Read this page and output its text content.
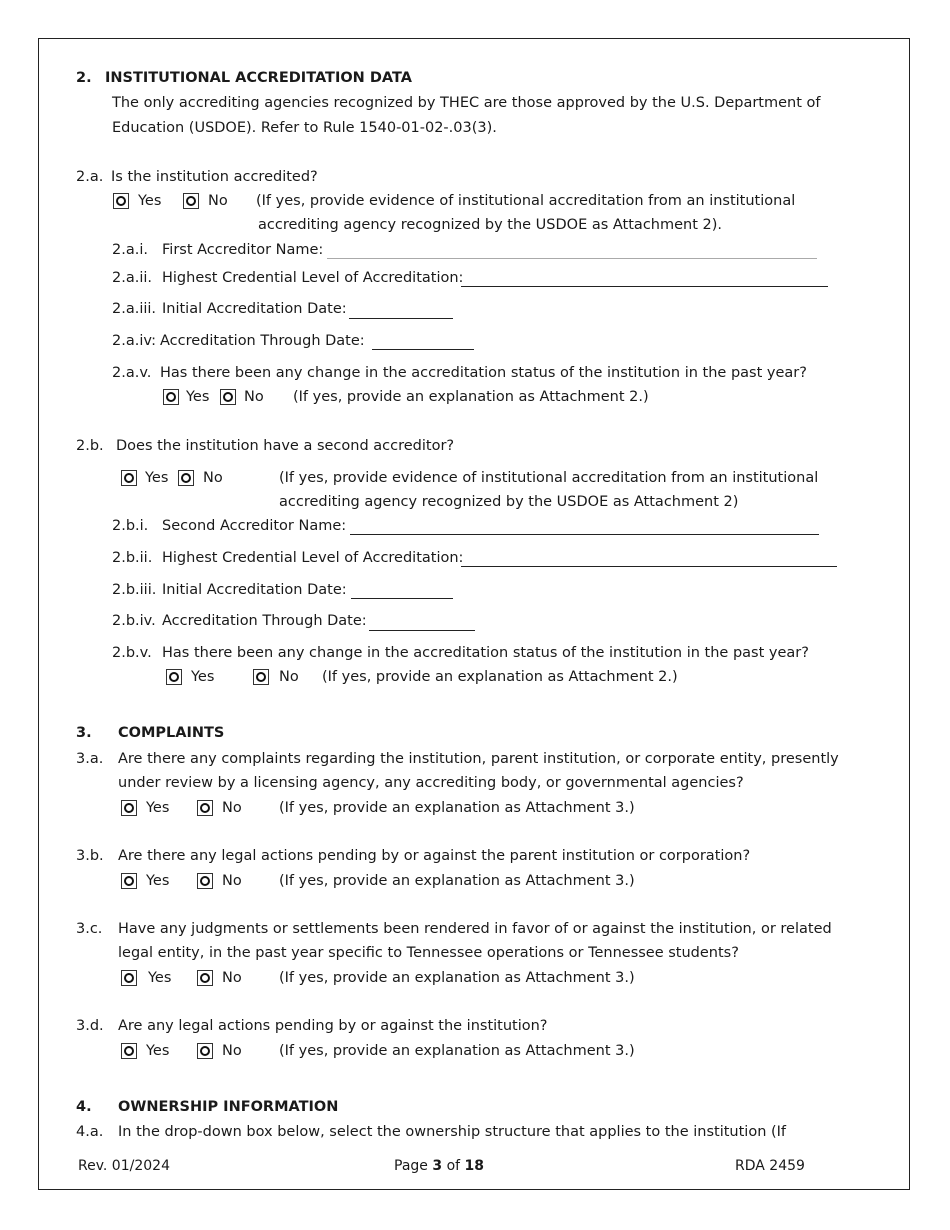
2. INSTITUTIONAL ACCREDITATION DATA
The only accrediting agencies recognized by THEC are those approved by the U.S. Department of
Education (USDOE). Refer to Rule 1540-01-02-.03(3).
2.a. Is the institution accredited?
Yes	No (If yes, provide evidence of institutional accreditation from an institutional
accrediting agency recognized by the USDOE as Attachment 2).
2.a.i. First Accreditor Name:
2.a.ii. Highest Credential Level of Accreditation:
2.a.iii. Initial Accreditation Date:
2.a.iv: Accreditation Through Date:
2.a.v. Has there been any change in the accreditation status of the institution in the past year?
Yes No (If yes, provide an explanation as Attachment 2.)
2.b. Does the institution have a second accreditor?
Yes No	(If yes, provide evidence of institutional accreditation from an institutional
accrediting agency recognized by the USDOE as Attachment 2)
2.b.i. Second Accreditor Name:
2.b.ii. Highest Credential Level of Accreditation:
2.b.iii. Initial Accreditation Date:
2.b.iv. Accreditation Through Date:
2.b.v. Has there been any change in the accreditation status of the institution in the past year?
Yes	No (If yes, provide an explanation as Attachment 2.)
3. COMPLAINTS
3.a. Are there any complaints regarding the institution, parent institution, or corporate entity, presently
under review by a licensing agency, any accrediting body, or governmental agencies?
Yes	No	(If yes, provide an explanation as Attachment 3.)
3.b. Are there any legal actions pending by or against the parent institution or corporation?
Yes	No	(If yes, provide an explanation as Attachment 3.)
3.c. Have any judgments or settlements been rendered in favor of or against the institution, or related
legal entity, in the past year specific to Tennessee operations or Tennessee students?
Yes	No	(If yes, provide an explanation as Attachment 3.)
3.d. Are any legal actions pending by or against the institution?
Yes	No	(If yes, provide an explanation as Attachment 3.)
4. OWNERSHIP INFORMATION
4.a. In the drop-down box below, select the ownership structure that applies to the institution (If
Rev. 01/2024	Page 3 of 18	RDA 2459
